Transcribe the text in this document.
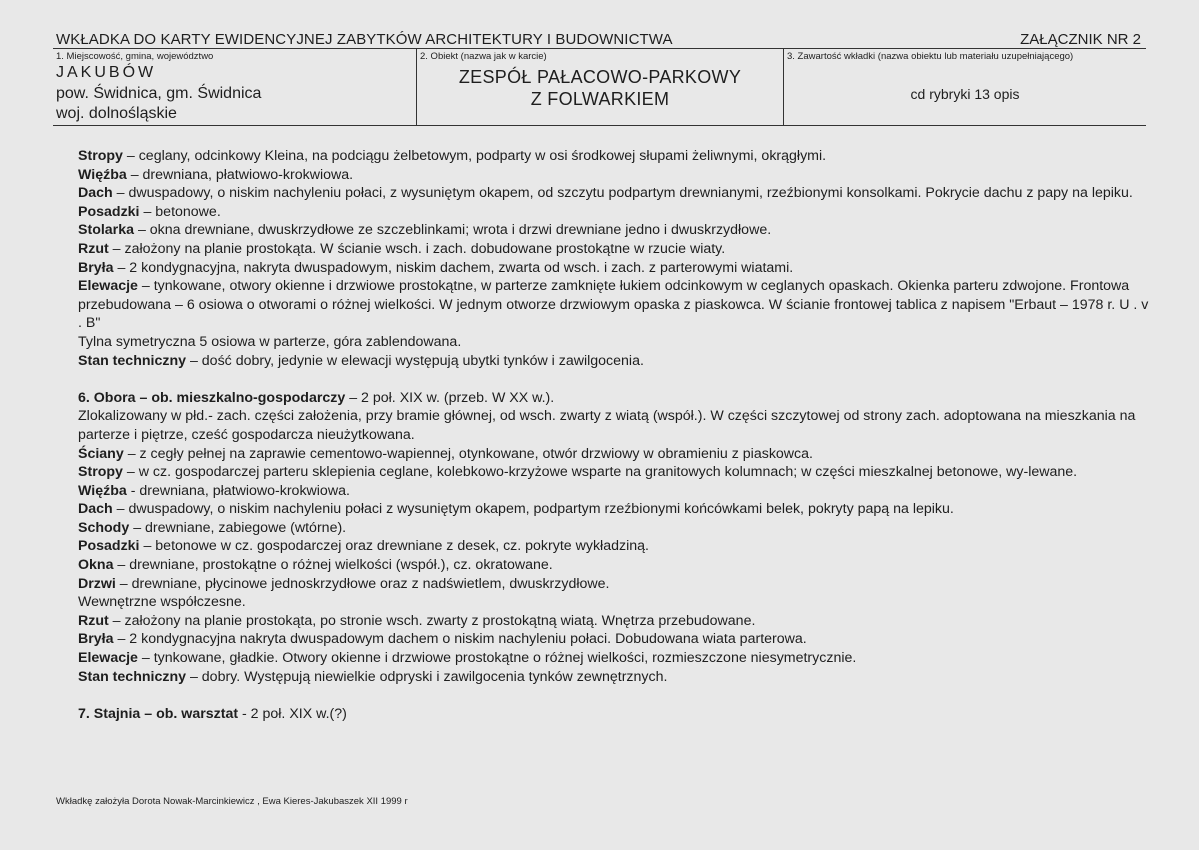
WKŁADKA DO KARTY EWIDENCYJNEJ ZABYTKÓW ARCHITEKTURY I BUDOWNICTWA	ZAŁĄCZNIK NR 2
1. Miejscowość, gmina, województwo
JAKUBÓW
pow. Świdnica, gm. Świdnica
woj. dolnośląskie
2. Obiekt (nazwa jak w karcie)
ZESPÓŁ PAŁACOWO-PARKOWY
Z FOLWARKIEM
3. Zawartość wkładki (nazwa obiektu lub materiału uzupełniającego)
cd rybryki 13 opis

Stropy – ceglany, odcinkowy Kleina, na podciągu żelbetowym, podparty w osi środkowej słupami żeliwnymi, okrągłymi.

Więźba – drewniana, płatwiowo-krokwiowa.

Dach – dwuspadowy, o niskim nachyleniu połaci, z wysuniętym okapem, od szczytu podpartym drewnianymi, rzeźbionymi konsolkami. Pokrycie dachu z papy na lepiku.

Posadzki – betonowe.

Stolarka – okna drewniane, dwuskrzydłowe ze szczeblinkami; wrota i drzwi drewniane jedno i dwuskrzydłowe.

Rzut – założony na planie prostokąta. W ścianie wsch. i zach. dobudowane prostokątne w rzucie wiaty.

Bryła – 2 kondygnacyjna, nakryta dwuspadowym, niskim dachem, zwarta od wsch. i zach. z parterowymi wiatami.

Elewacje – tynkowane, otwory okienne i drzwiowe prostokątne, w parterze zamknięte łukiem odcinkowym w ceglanych opaskach. Okienka parteru zdwojone. Frontowa przebudowana – 6 osiowa o otworami o różnej wielkości. W jednym otworze drzwiowym opaska z piaskowca. W ścianie frontowej tablica z napisem "Erbaut – 1978 r. U . v . B"

Tylna symetryczna 5 osiowa w parterze, góra zablendowana.

Stan techniczny – dość dobry, jedynie w elewacji występują ubytki tynków i zawilgocenia.

6. Obora – ob. mieszkalno-gospodarczy – 2 poł. XIX w. (przeb. W XX w.).

Zlokalizowany w płd.- zach. części założenia, przy bramie głównej, od wsch. zwarty z wiatą (współ.). W części szczytowej od strony zach. adoptowana na mieszkania na parterze i piętrze, cześć gospodarcza nieużytkowana.

Ściany – z cegły pełnej na zaprawie cementowo-wapiennej, otynkowane, otwór drzwiowy w obramieniu z piaskowca.

Stropy – w cz. gospodarczej parteru sklepienia ceglane, kolebkowo-krzyżowe wsparte na granitowych kolumnach; w części mieszkalnej betonowe, wy-lewane.

Więźba - drewniana, płatwiowo-krokwiowa.

Dach – dwuspadowy, o niskim nachyleniu połaci z wysuniętym okapem, podpartym rzeźbionymi końcówkami belek, pokryty papą na lepiku.

Schody – drewniane, zabiegowe (wtórne).

Posadzki – betonowe w cz. gospodarczej oraz drewniane z desek, cz. pokryte wykładziną.

Okna – drewniane, prostokątne o różnej wielkości (współ.), cz. okratowane.

Drzwi – drewniane, płycinowe jednoskrzydłowe oraz z nadświetlem, dwuskrzydłowe.

Wewnętrzne współczesne.

Rzut – założony na planie prostokąta, po stronie wsch. zwarty z prostokątną wiatą. Wnętrza przebudowane.

Bryła – 2 kondygnacyjna nakryta dwuspadowym dachem o niskim nachyleniu połaci. Dobudowana wiata parterowa.

Elewacje – tynkowane, gładkie. Otwory okienne i drzwiowe prostokątne o różnej wielkości, rozmieszczone niesymetrycznie.

Stan techniczny – dobry. Występują niewielkie odpryski i zawilgocenia tynków zewnętrznych.

7. Stajnia – ob. warsztat - 2 poł. XIX w.(?)

Wkładkę założyła Dorota Nowak-Marcinkiewicz , Ewa Kieres-Jakubaszek XII 1999 r
